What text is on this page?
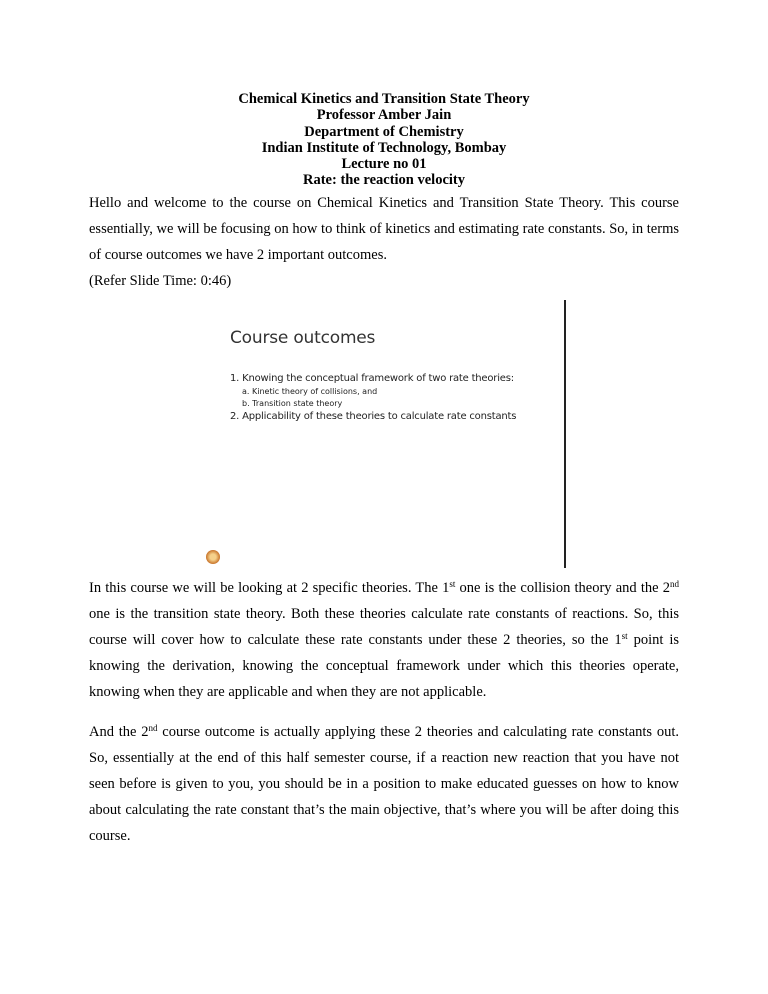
Chemical Kinetics and Transition State Theory
Professor Amber Jain
Department of Chemistry
Indian Institute of Technology, Bombay
Lecture no 01
Rate: the reaction velocity
Hello and welcome to the course on Chemical Kinetics and Transition State Theory. This course essentially, we will be focusing on how to think of kinetics and estimating rate constants. So, in terms of course outcomes we have 2 important outcomes.
(Refer Slide Time: 0:46)
Course outcomes
1. Knowing the conceptual framework of two rate theories:
a. Kinetic theory of collisions, and
b. Transition state theory
2. Applicability of these theories to calculate rate constants
In this course we will be looking at 2 specific theories. The 1st one is the collision theory and the 2nd one is the transition state theory. Both these theories calculate rate constants of reactions. So, this course will cover how to calculate these rate constants under these 2 theories, so the 1st point is knowing the derivation, knowing the conceptual framework under which this theories operate, knowing when they are applicable and when they are not applicable.
And the 2nd course outcome is actually applying these 2 theories and calculating rate constants out. So, essentially at the end of this half semester course, if a reaction new reaction that you have not seen before is given to you, you should be in a position to make educated guesses on how to know about calculating the rate constant that’s the main objective, that’s where you will be after doing this course.
